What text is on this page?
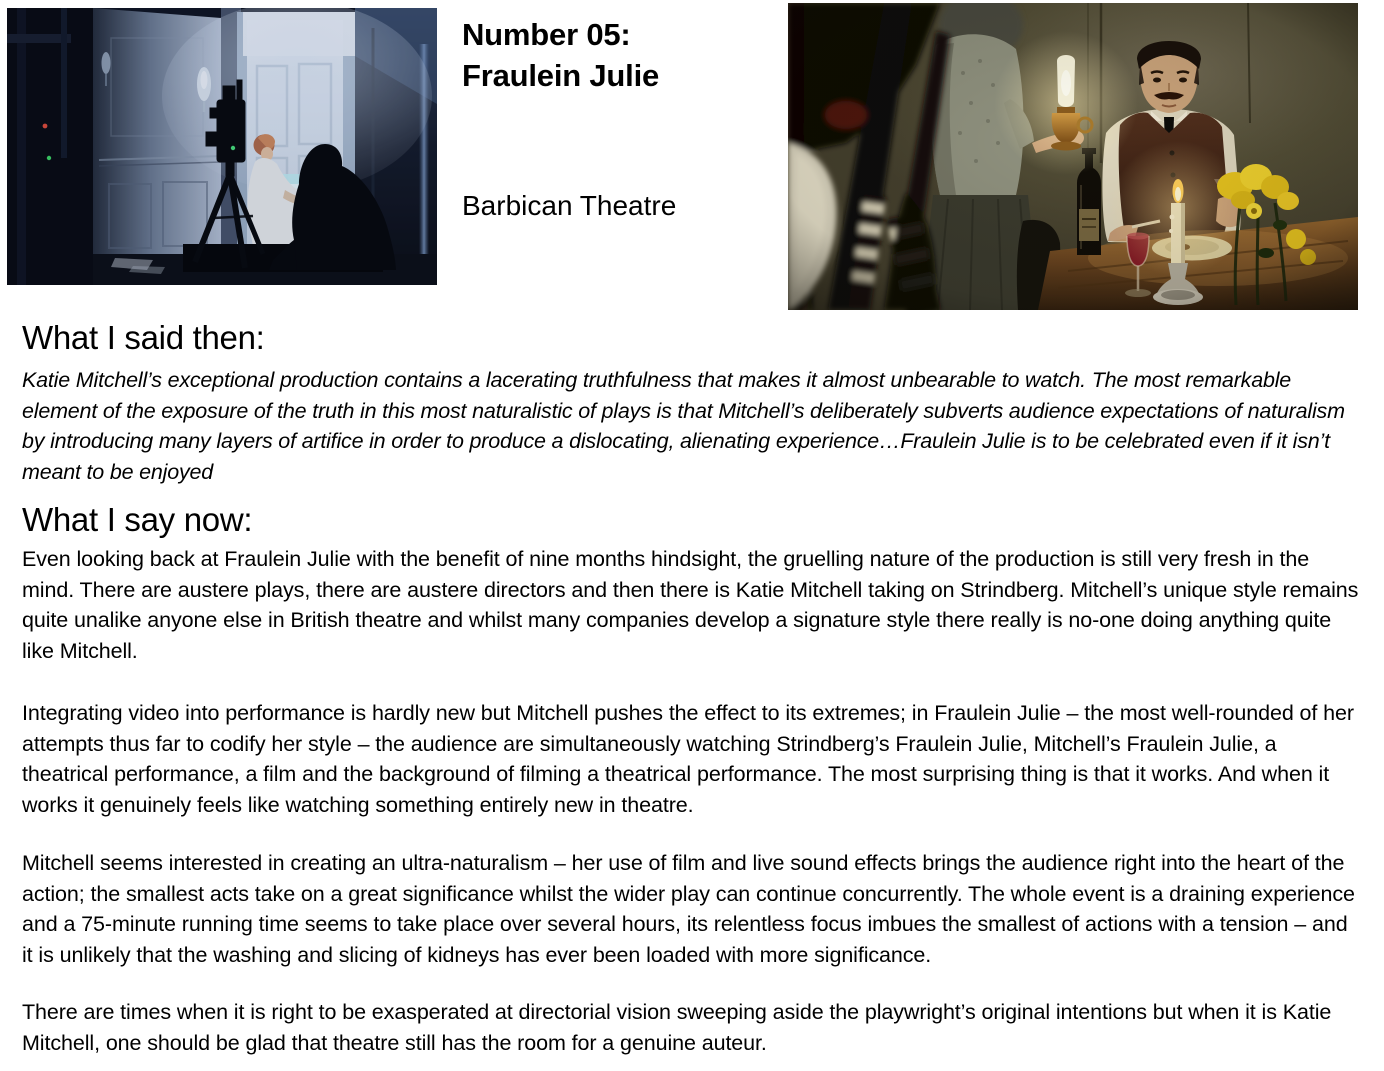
Number 05:
Fraulein Julie
Barbican Theatre
What I said then:
Katie Mitchell’s exceptional production contains a lacerating truthfulness that makes it almost unbearable to watch. The most remarkable element of the exposure of the truth in this most naturalistic of plays is that Mitchell’s deliberately subverts audience expectations of naturalism by introducing many layers of artifice in order to produce a dislocating, alienating experience…Fraulein Julie is to be celebrated even if it isn’t meant to be enjoyed
What I say now:

Even looking back at Fraulein Julie with the benefit of nine months hindsight, the gruelling nature of the production is still very fresh in the mind. There are austere plays, there are austere directors and then there is Katie Mitchell taking on Strindberg. Mitchell’s unique style remains quite unalike anyone else in British theatre and whilst many companies develop a signature style there really is no-one doing anything quite like Mitchell.

Integrating video into performance is hardly new but Mitchell pushes the effect to its extremes; in Fraulein Julie – the most well-rounded of her attempts thus far to codify her style – the audience are simultaneously watching Strindberg’s Fraulein Julie, Mitchell’s Fraulein Julie, a theatrical performance, a film and the background of filming a theatrical performance. The most surprising thing is that it works. And when it works it genuinely feels like watching something entirely new in theatre.

Mitchell seems interested in creating an ultra-naturalism – her use of film and live sound effects brings the audience right into the heart of the action; the smallest acts take on a great significance whilst the wider play can continue concurrently. The whole event is a draining experience and a 75-minute running time seems to take place over several hours, its relentless focus imbues the smallest of actions with a tension – and it is unlikely that the washing and slicing of kidneys has ever been loaded with more significance.

There are times when it is right to be exasperated at directorial vision sweeping aside the playwright’s original intentions but when it is Katie Mitchell, one should be glad that theatre still has the room for a genuine auteur.
